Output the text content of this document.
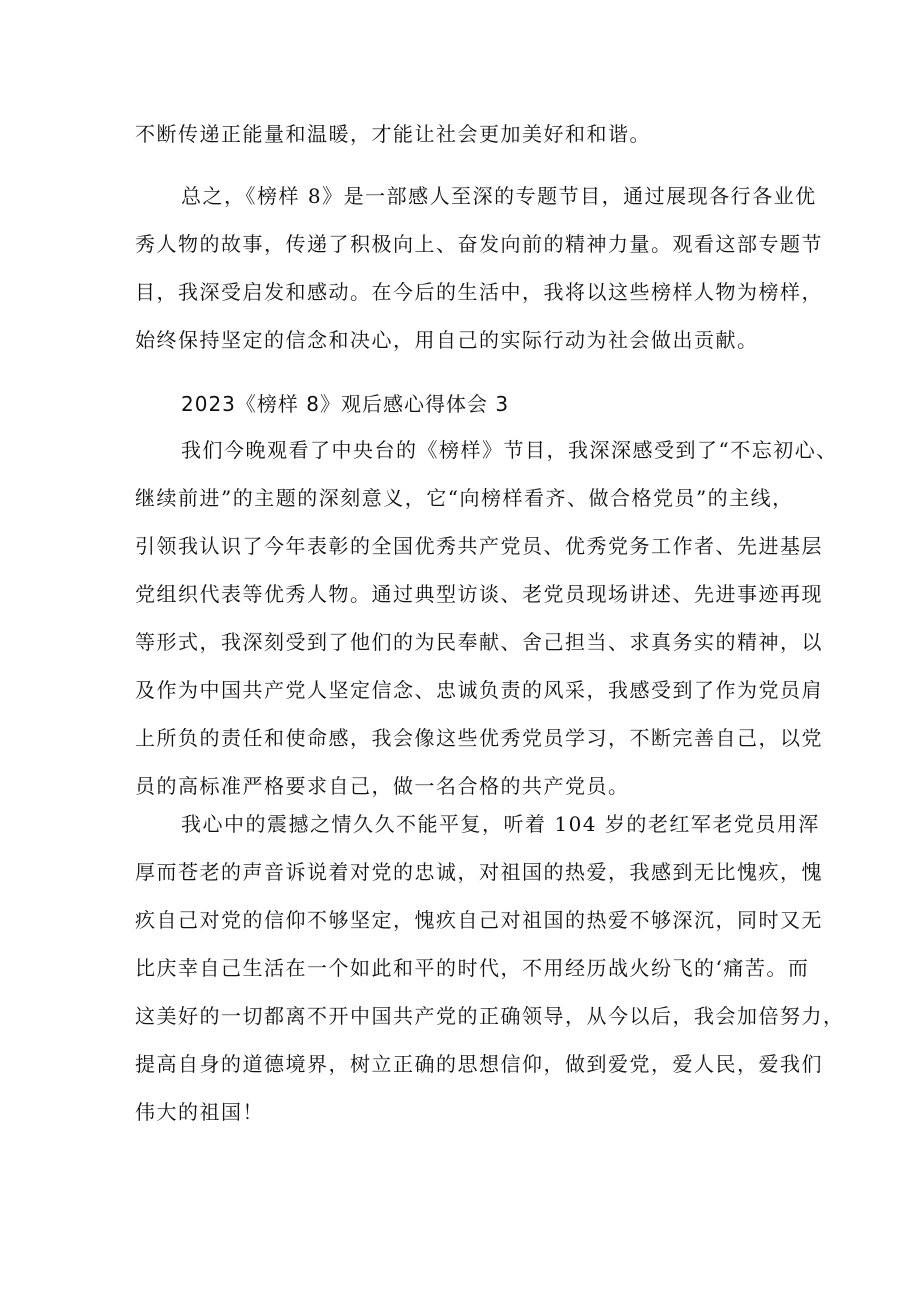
不断传递正能量和温暖，才能让社会更加美好和和谐。
总之，《榜样 8》是一部感人至深的专题节目，通过展现各行各业优
秀人物的故事，传递了积极向上、奋发向前的精神力量。观看这部专题节
目，我深受启发和感动。在今后的生活中，我将以这些榜样人物为榜样，
始终保持坚定的信念和决心，用自己的实际行动为社会做出贡献。
2023《榜样 8》观后感心得体会 3
我们今晚观看了中央台的《榜样》节目，我深深感受到了“不忘初心、
继续前进”的主题的深刻意义，它“向榜样看齐、做合格党员”的主线，
引领我认识了今年表彰的全国优秀共产党员、优秀党务工作者、先进基层
党组织代表等优秀人物。通过典型访谈、老党员现场讲述、先进事迹再现
等形式，我深刻受到了他们的为民奉献、舍己担当、求真务实的精神，以
及作为中国共产党人坚定信念、忠诚负责的风采，我感受到了作为党员肩
上所负的责任和使命感，我会像这些优秀党员学习，不断完善自己，以党
员的高标准严格要求自己，做一名合格的共产党员。
我心中的震撼之情久久不能平复，听着 104 岁的老红军老党员用浑
厚而苍老的声音诉说着对党的忠诚，对祖国的热爱，我感到无比愧疚，愧
疚自己对党的信仰不够坚定，愧疚自己对祖国的热爱不够深沉，同时又无
比庆幸自己生活在一个如此和平的时代，不用经历战火纷飞的‘痛苦。而
这美好的一切都离不开中国共产党的正确领导，从今以后，我会加倍努力，
提高自身的道德境界，树立正确的思想信仰，做到爱党，爱人民，爱我们
伟大的祖国！
